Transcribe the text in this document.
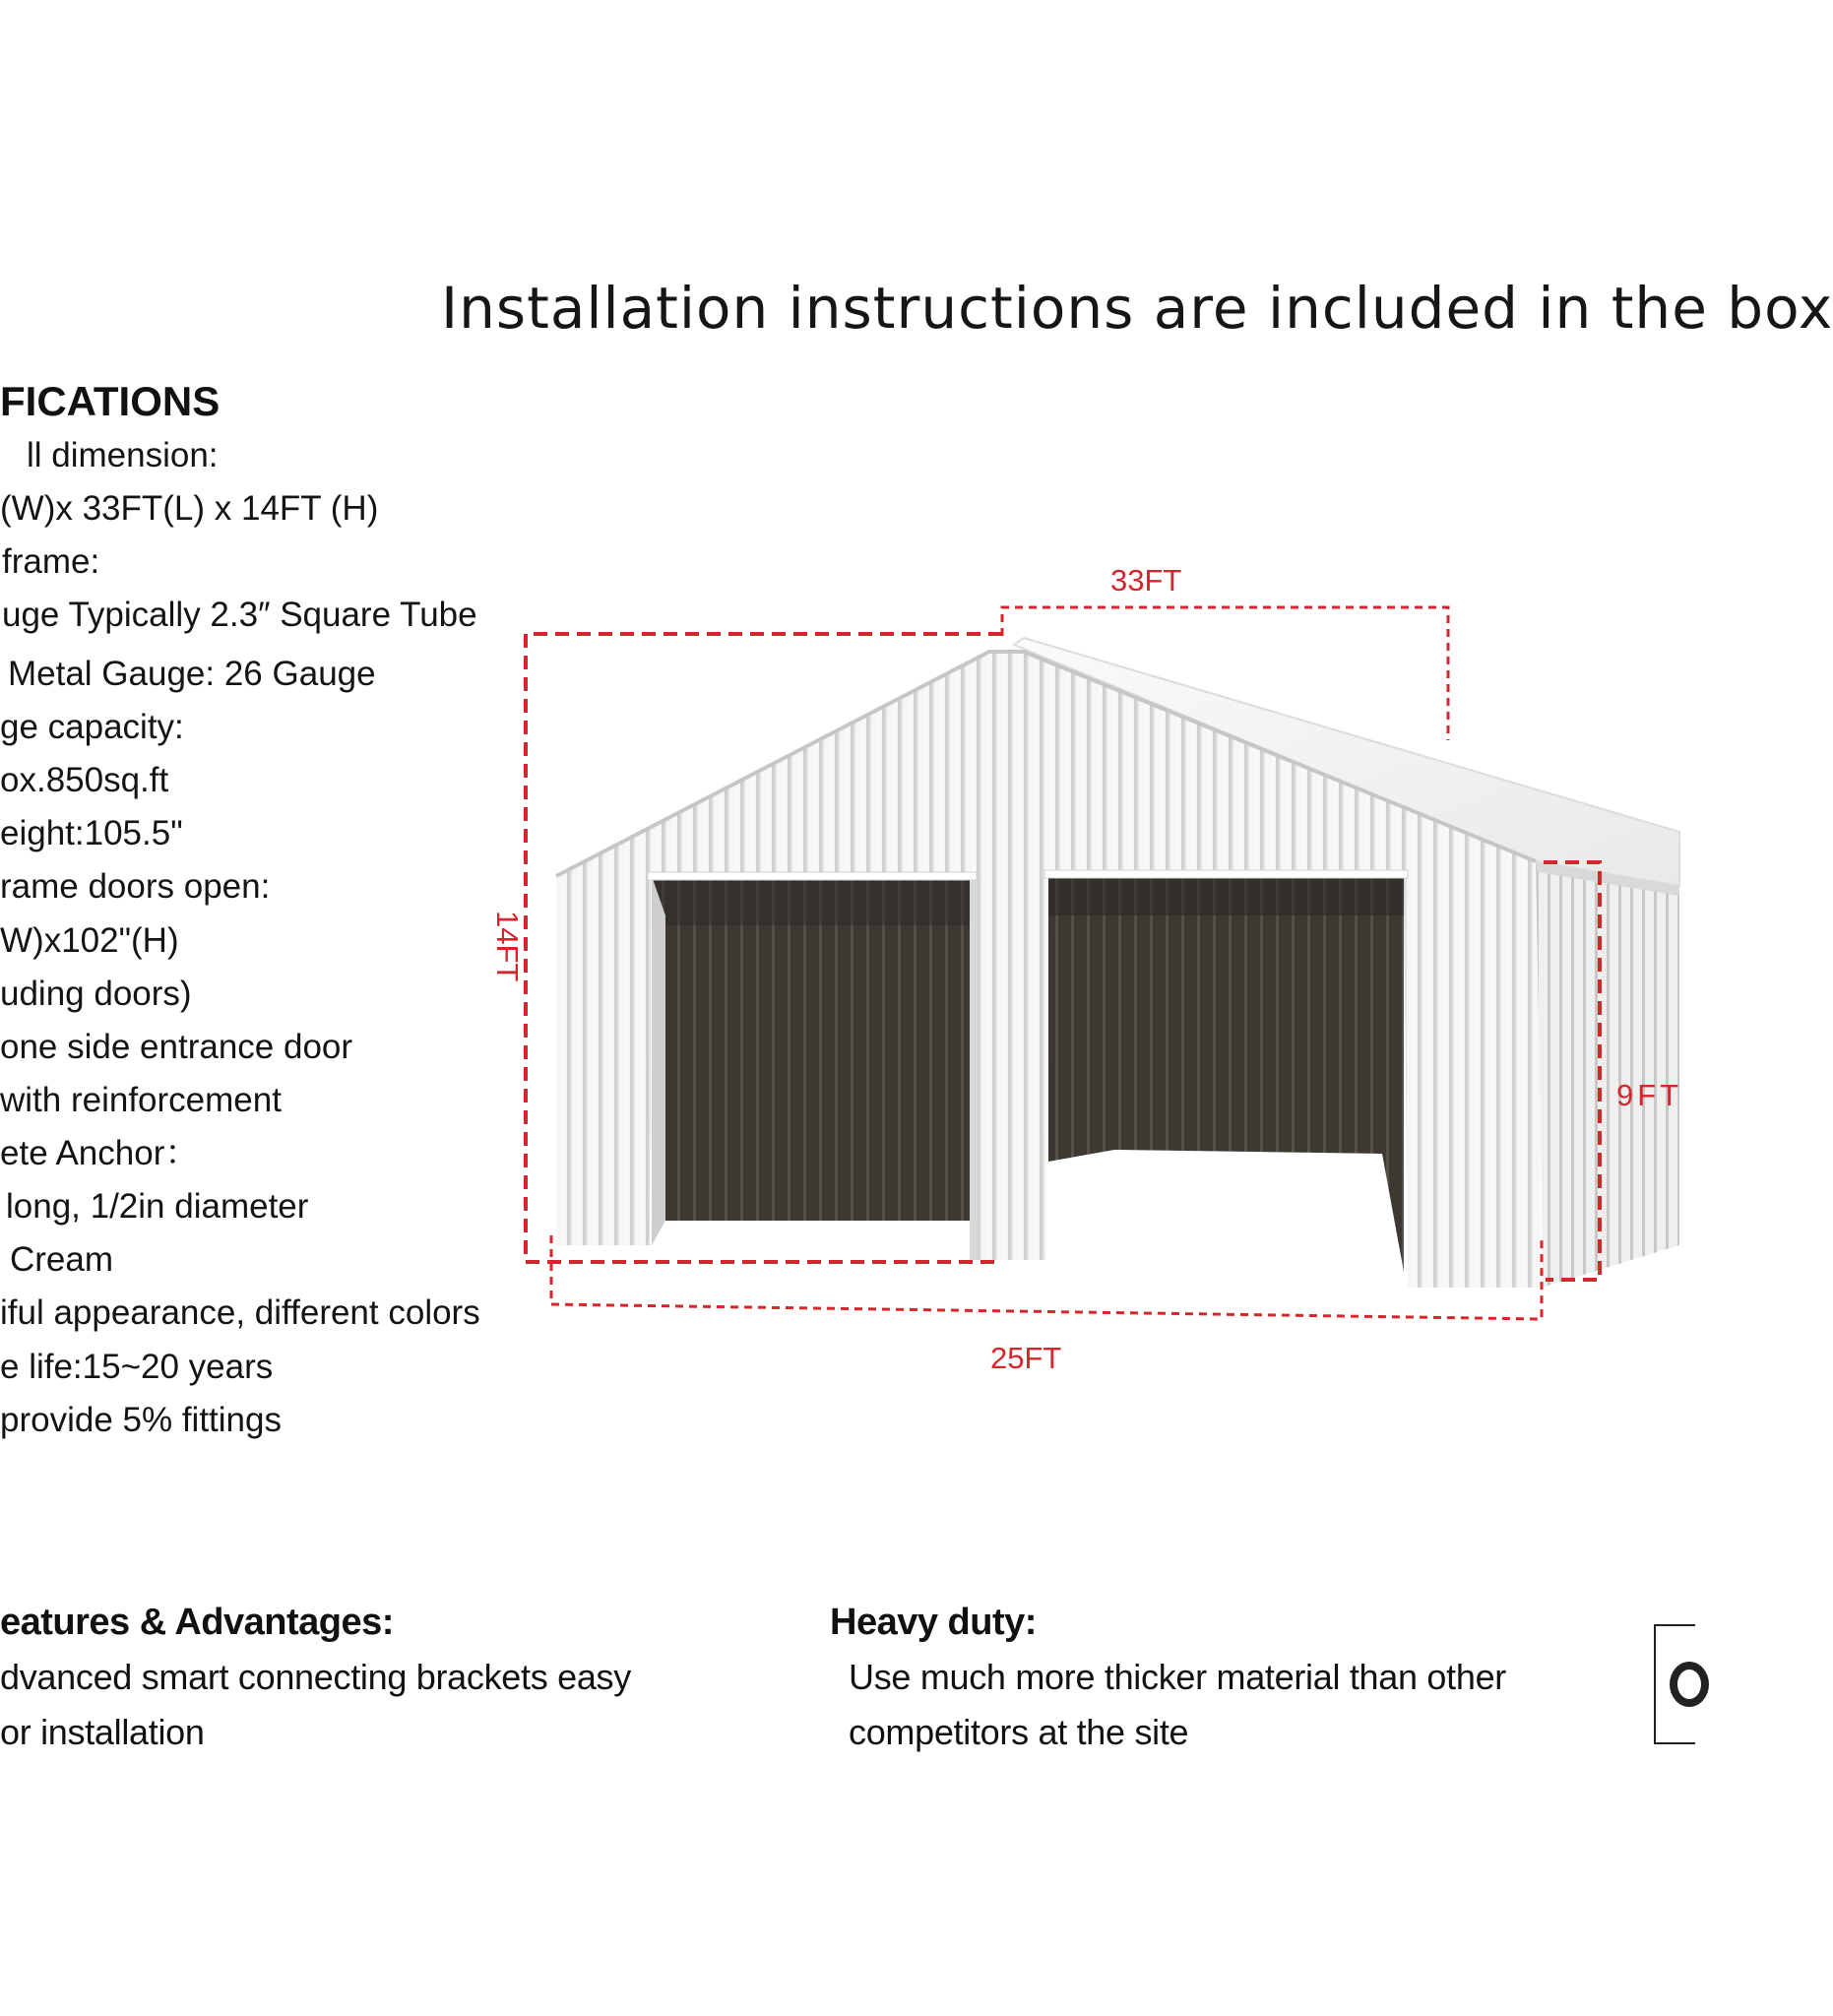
Installation instructions are included in the box
FICATIONS
ll dimension:
(W)x 33FT(L) x 14FT (H)
frame:
uge Typically 2.3″ Square Tube
Metal Gauge: 26 Gauge
ge capacity:
ox.850sq.ft
eight:105.5"
rame doors open:
W)x102"(H)
uding doors)
one side entrance door
with reinforcement
ete Anchor：
long, 1/2in diameter
Cream
iful appearance, different colors
e life:15~20 years
provide 5% fittings
33FT
14FT
9FT
25FT
eatures & Advantages:
dvanced smart connecting brackets easy
or installation
Heavy duty:
Use much more thicker material than other
competitors at the site
